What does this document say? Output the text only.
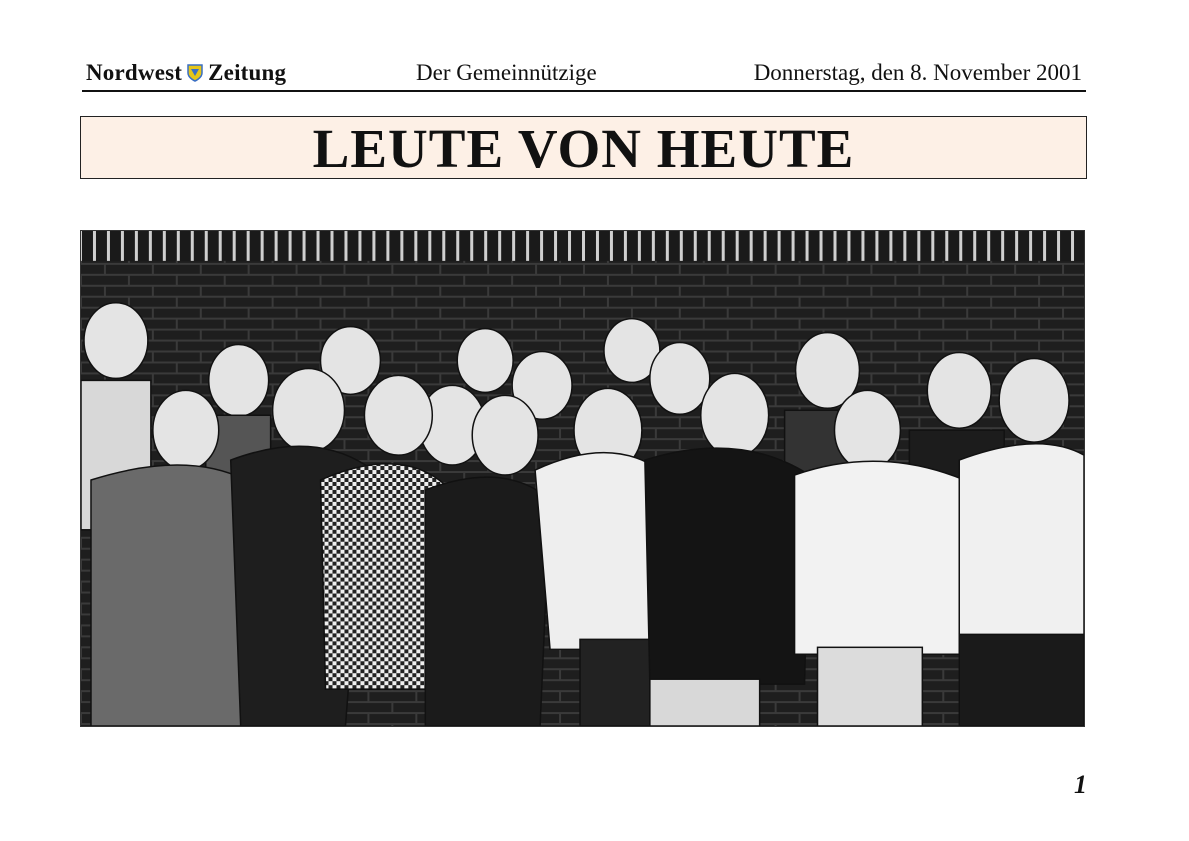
Nordwest Zeitung	Der Gemeinnützige	Donnerstag, den 8. November 2001
LEUTE VON HEUTE
1
